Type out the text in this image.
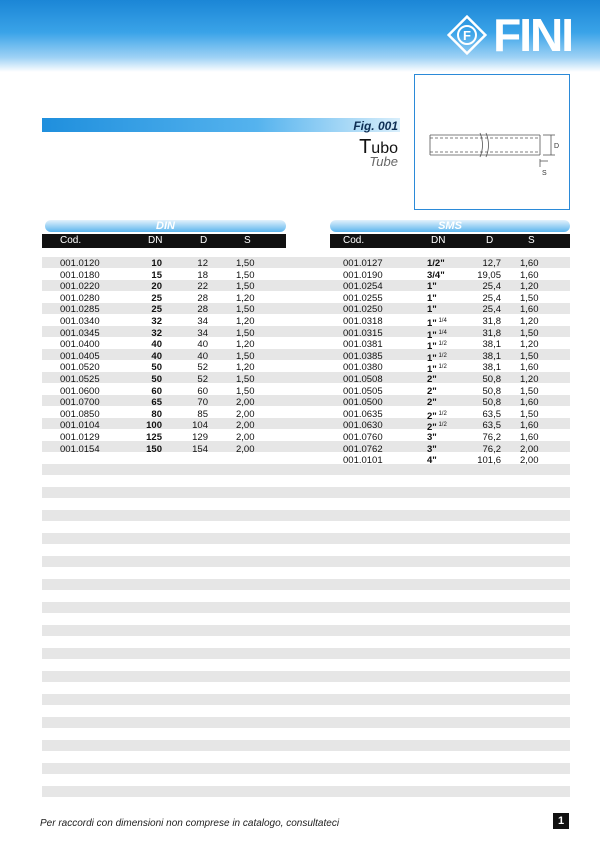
F FINI
Fig. 001
Tubo
Tube
D
S
DIN
Cod.	DN	D	S
SMS
Cod.	DN	D	S
001.0120	10	12	1,50
001.0180	15	18	1,50
001.0220	20	22	1,50
001.0280	25	28	1,20
001.0285	25	28	1,50
001.0340	32	34	1,20
001.0345	32	34	1,50
001.0400	40	40	1,20
001.0405	40	40	1,50
001.0520	50	52	1,20
001.0525	50	52	1,50
001.0600	60	60	1,50
001.0700	65	70	2,00
001.0850	80	85	2,00
001.0104	100	104	2,00
001.0129	125	129	2,00
001.0154	150	154	2,00
001.0127	1/2"	12,7 1,60
001.0190	3/4"	19,05 1,60
001.0254	1"	25,4 1,20
001.0255	1"	25,4 1,50
001.0250	1"	25,4 1,60
001.0318	1" $^{1/4}$	31,8 1,20
001.0315	1" $^{1/4}$	31,8 1,50
001.0381	1" $^{1/2}$	38,1 1,20
001.0385	1" $^{1/2}$	38,1 1,50
001.0380	1" $^{1/2}$	38,1 1,60
001.0508	2"	50,8 1,20
001.0505	2"	50,8 1,50
001.0500	2"	50,8 1,60
001.0635	2" $^{1/2}$	63,5 1,50
001.0630	2" $^{1/2}$	63,5 1,60
001.0760	3"	76,2 1,60
001.0762	3"	76,2 2,00
001.0101	4"	101,6 2,00
Per raccordi con dimensioni non comprese in catalogo, consultateci	1
